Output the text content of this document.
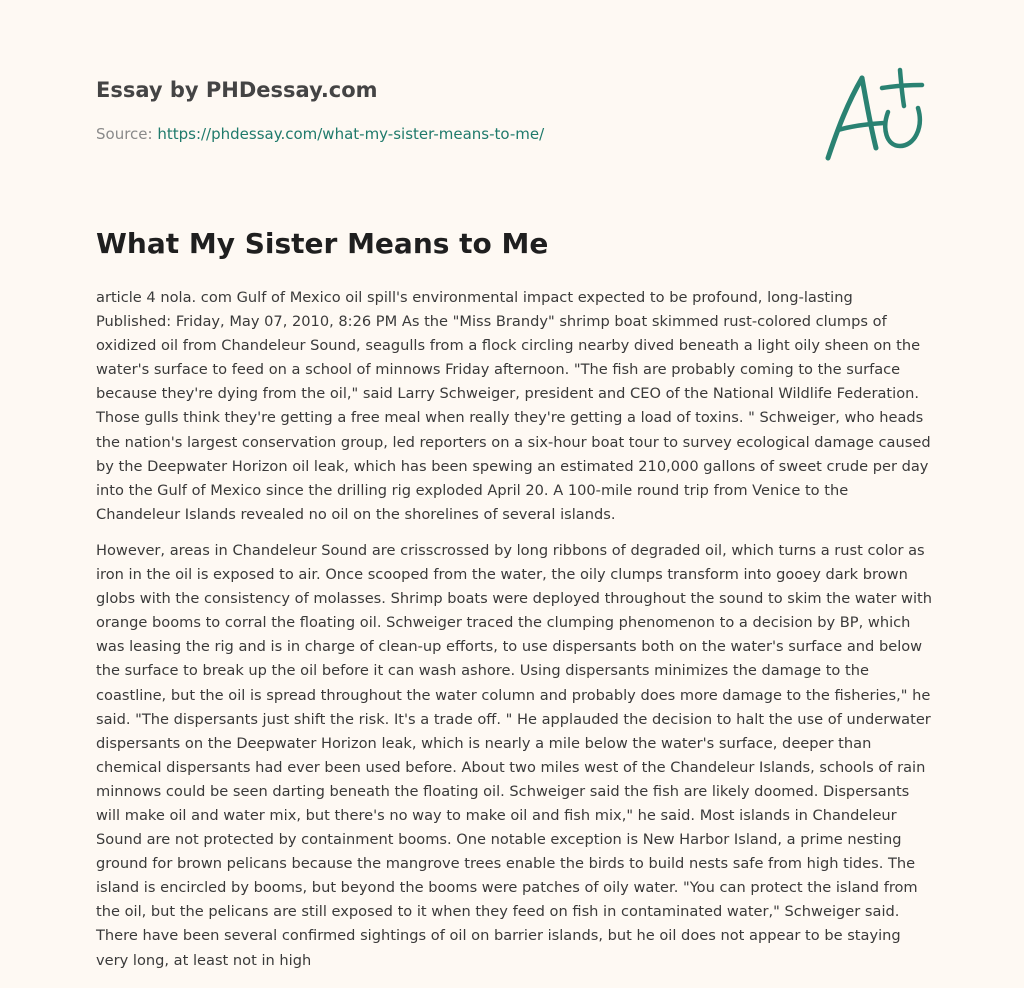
Essay by PHDessay.com
Source: https://phdessay.com/what-my-sister-means-to-me/
What My Sister Means to Me

article 4 nola. com Gulf of Mexico oil spill's environmental impact expected to be profound, long-lasting Published: Friday, May 07, 2010, 8:26 PM As the "Miss Brandy" shrimp boat skimmed rust-colored clumps of oxidized oil from Chandeleur Sound, seagulls from a flock circling nearby dived beneath a light oily sheen on the water's surface to feed on a school of minnows Friday afternoon. "The fish are probably coming to the surface because they're dying from the oil," said Larry Schweiger, president and CEO of the National Wildlife Federation. Those gulls think they're getting a free meal when really they're getting a load of toxins. " Schweiger, who heads the nation's largest conservation group, led reporters on a six-hour boat tour to survey ecological damage caused by the Deepwater Horizon oil leak, which has been spewing an estimated 210,000 gallons of sweet crude per day into the Gulf of Mexico since the drilling rig exploded April 20. A 100-mile round trip from Venice to the Chandeleur Islands revealed no oil on the shorelines of several islands.

However, areas in Chandeleur Sound are crisscrossed by long ribbons of degraded oil, which turns a rust color as iron in the oil is exposed to air. Once scooped from the water, the oily clumps transform into gooey dark brown globs with the consistency of molasses. Shrimp boats were deployed throughout the sound to skim the water with orange booms to corral the floating oil. Schweiger traced the clumping phenomenon to a decision by BP, which was leasing the rig and is in charge of clean-up efforts, to use dispersants both on the water's surface and below the surface to break up the oil before it can wash ashore. Using dispersants minimizes the damage to the coastline, but the oil is spread throughout the water column and probably does more damage to the fisheries," he said. "The dispersants just shift the risk. It's a trade off. " He applauded the decision to halt the use of underwater dispersants on the Deepwater Horizon leak, which is nearly a mile below the water's surface, deeper than chemical dispersants had ever been used before. About two miles west of the Chandeleur Islands, schools of rain minnows could be seen darting beneath the floating oil. Schweiger said the fish are likely doomed. Dispersants will make oil and water mix, but there's no way to make oil and fish mix," he said. Most islands in Chandeleur Sound are not protected by containment booms. One notable exception is New Harbor Island, a prime nesting ground for brown pelicans because the mangrove trees enable the birds to build nests safe from high tides. The island is encircled by booms, but beyond the booms were patches of oily water. "You can protect the island from the oil, but the pelicans are still exposed to it when they feed on fish in contaminated water," Schweiger said. There have been several confirmed sightings of oil on barrier islands, but he oil does not appear to be staying very long, at least not in high
